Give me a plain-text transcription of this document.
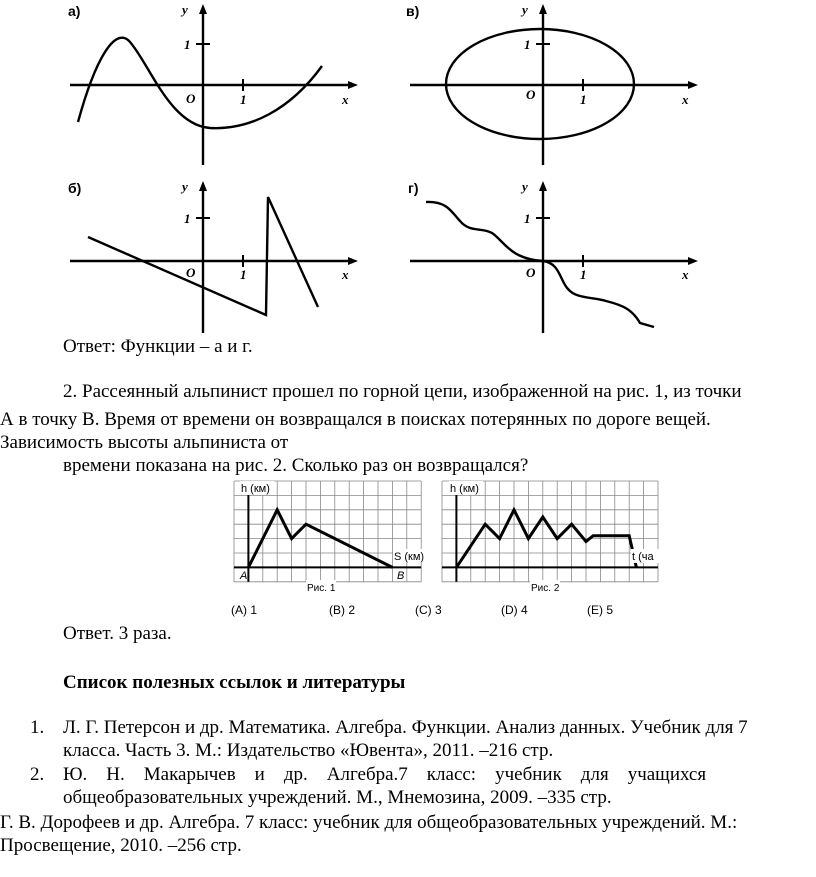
а)	y
x
O	1
1
в)	y
x
O	1
1
б)	y
x
O	1
1
г)	y
x
O	1
1
Ответ: Функции – а и г.
2. Рассеянный альпинист прошел по горной цепи, изображенной на рис. 1, из точки
А в точку В. Время от времени он возвращался в поисках потерянных по дороге вещей.
Зависимость высоты альпиниста от
времени показана на рис. 2. Сколько раз он возвращался?
h (км)
S (км)
A	B
Рис. 1
h (км)
t (ча
Рис. 2
(A) 1	(B) 2	(C) 3	(D) 4	(E) 5
Ответ. 3 раза.
Список полезных ссылок и литературы
1. Л. Г. Петерсон и др. Математика. Алгебра. Функции. Анализ данных. Учебник для 7
класса. Часть 3. М.: Издательство «Ювента», 2011. –216 стр.
2. Ю.    Н.    Макарычев    и    др.    Алгебра.7    класс:    учебник    для    учащихся
общеобразовательных учреждений. М., Мнемозина, 2009. –335 стр.
Г. В. Дорофеев и др. Алгебра. 7 класс: учебник для общеобразовательных учреждений. М.:
Просвещение, 2010. –256 стр.
